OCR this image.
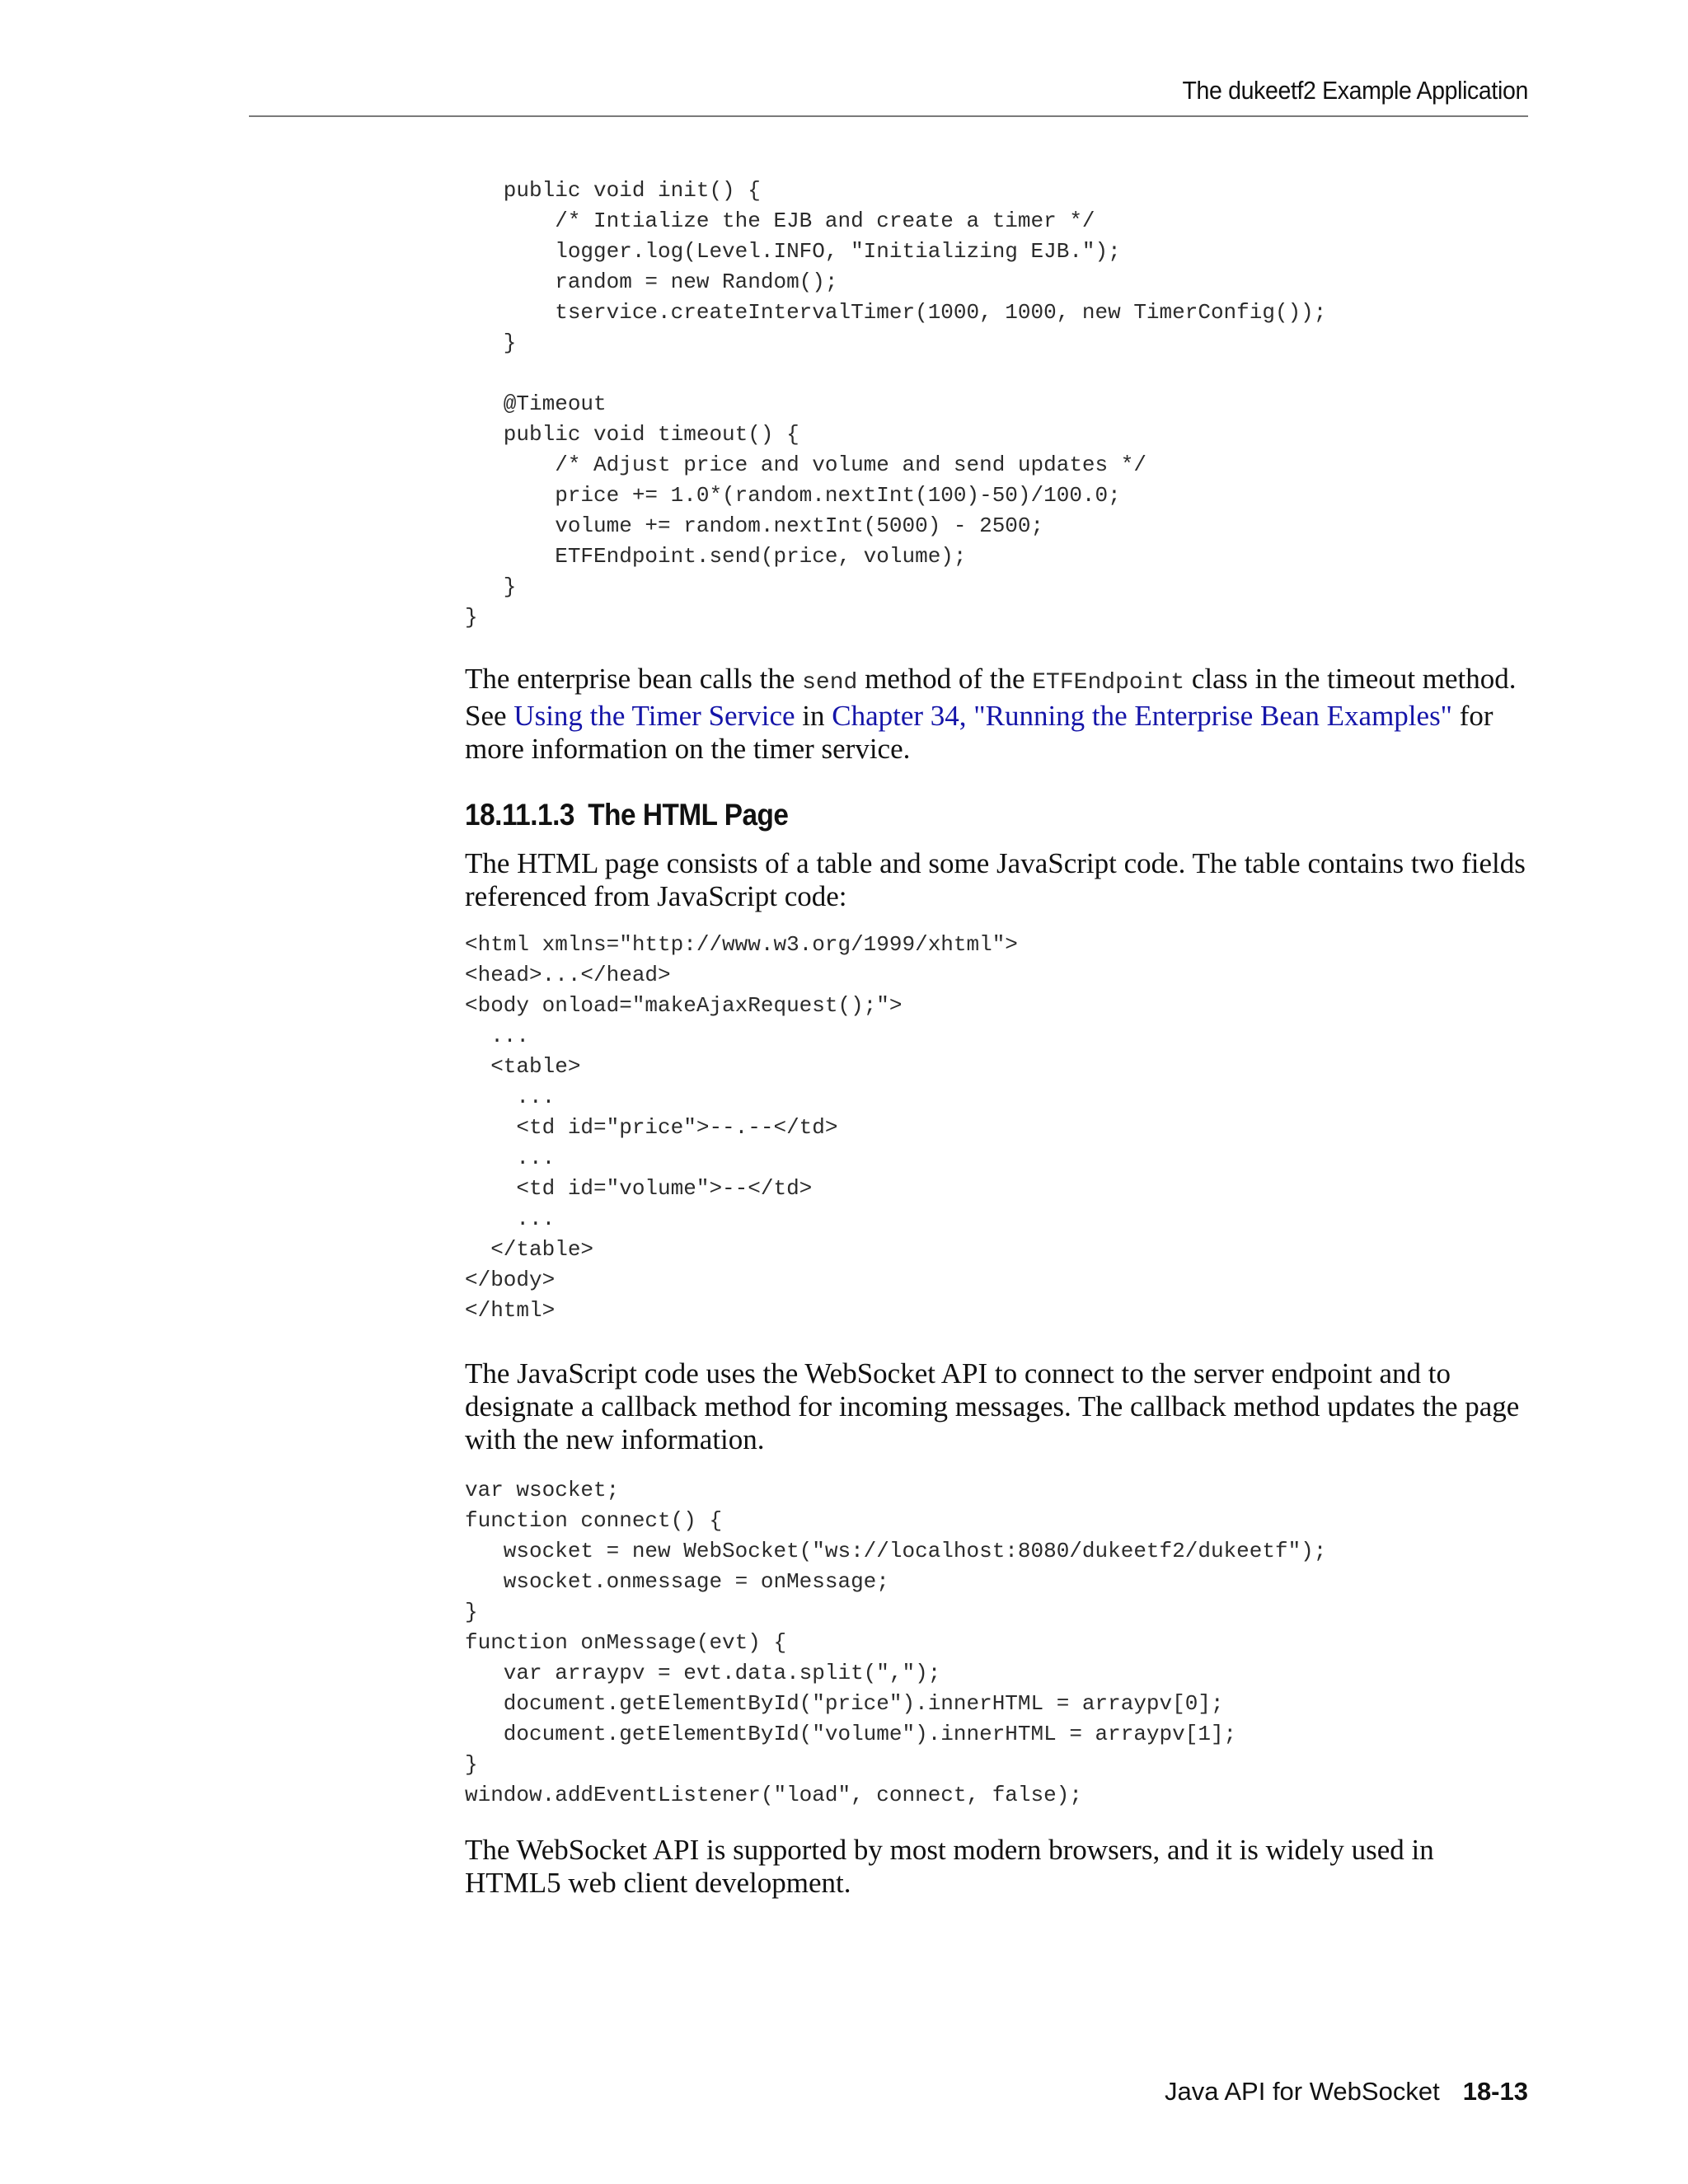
The dukeetf2 Example Application
public void init() {
/* Intialize the EJB and create a timer */
logger.log(Level.INFO, "Initializing EJB.");
random = new Random();
tservice.createIntervalTimer(1000, 1000, new TimerConfig());
}

@Timeout
public void timeout() {
/* Adjust price and volume and send updates */
price += 1.0*(random.nextInt(100)-50)/100.0;
volume += random.nextInt(5000) - 2500;
ETFEndpoint.send(price, volume);
}
}

The enterprise bean calls the send method of the ETFEndpoint class in the timeout method. See Using the Timer Service in Chapter 34, "Running the Enterprise Bean Examples" for more information on the timer service.

18.11.1.3 The HTML Page

The HTML page consists of a table and some JavaScript code. The table contains two fields referenced from JavaScript code:

<html xmlns="http://www.w3.org/1999/xhtml">
<head>...</head>
<body onload="makeAjaxRequest();">
...
<table>
...
<td id="price">--.--</td>
...
<td id="volume">--</td>
...
</table>
</body>
</html>

The JavaScript code uses the WebSocket API to connect to the server endpoint and to designate a callback method for incoming messages. The callback method updates the page with the new information.

var wsocket;
function connect() {
wsocket = new WebSocket("ws://localhost:8080/dukeetf2/dukeetf");
wsocket.onmessage = onMessage;
}
function onMessage(evt) {
var arraypv = evt.data.split(",");
document.getElementById("price").innerHTML = arraypv[0];
document.getElementById("volume").innerHTML = arraypv[1];
}
window.addEventListener("load", connect, false);

The WebSocket API is supported by most modern browsers, and it is widely used in HTML5 web client development.

Java API for WebSocket 18-13
